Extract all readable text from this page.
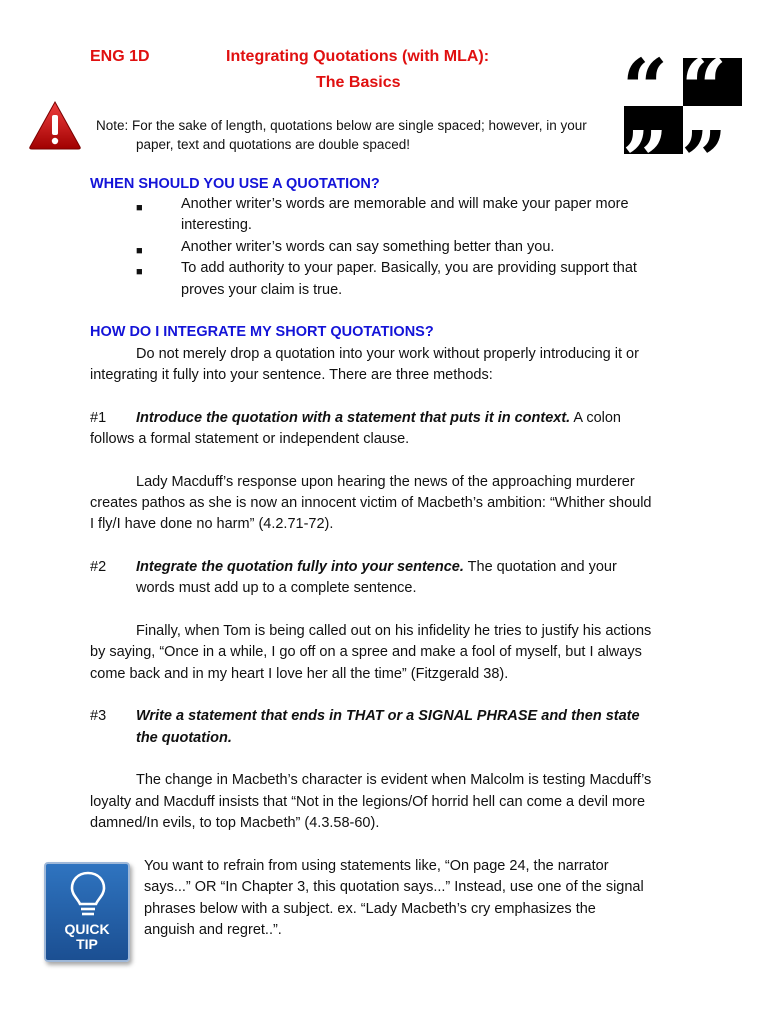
ENG 1D	Integrating Quotations (with MLA):
The Basics	“ “
” ”
Note: For the sake of length, quotations below are single spaced; however, in your
paper, text and quotations are double spaced!
WHEN SHOULD YOU USE A QUOTATION?
■	Another writer’s words are memorable and will make your paper more
interesting.
■	Another writer’s words can say something better than you.
■	To add authority to your paper. Basically, you are providing support that
proves your claim is true.
HOW DO I INTEGRATE MY SHORT QUOTATIONS?
Do not merely drop a quotation into your work without properly introducing it or
integrating it fully into your sentence. There are three methods:
#1 Introduce the quotation with a statement that puts it in context. A colon
follows a formal statement or independent clause.
Lady Macduff’s response upon hearing the news of the approaching murderer
creates pathos as she is now an innocent victim of Macbeth’s ambition: “Whither should
I fly/I have done no harm” (4.2.71-72).
#2 Integrate the quotation fully into your sentence. The quotation and your
words must add up to a complete sentence.
Finally, when Tom is being called out on his infidelity he tries to justify his actions
by saying, “Once in a while, I go off on a spree and make a fool of myself, but I always
come back and in my heart I love her all the time” (Fitzgerald 38).
#3 Write a statement that ends in THAT or a SIGNAL PHRASE and then state
the quotation.
The change in Macbeth’s character is evident when Malcolm is testing Macduff’s
loyalty and Macduff insists that “Not in the legions/Of horrid hell can come a devil more
damned/In evils, to top Macbeth” (4.3.58-60).
QUICK
TIP
You want to refrain from using statements like, “On page 24, the narrator
says...” OR “In Chapter 3, this quotation says...” Instead, use one of the signal
phrases below with a subject. ex. “Lady Macbeth’s cry emphasizes the
anguish and regret..”.
